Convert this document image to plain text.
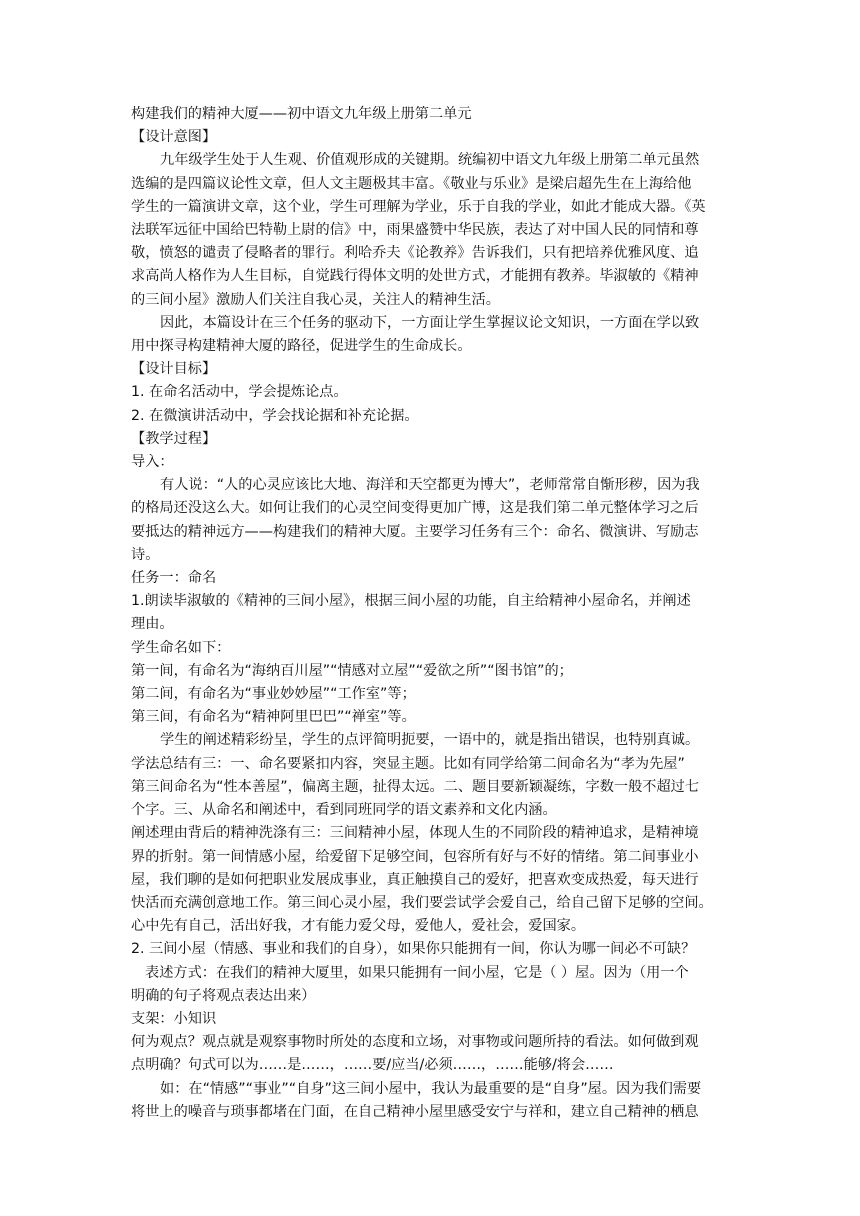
构建我们的精神大厦——初中语文九年级上册第二单元
【设计意图】
九年级学生处于人生观、价值观形成的关键期。统编初中语文九年级上册第二单元虽然
选编的是四篇议论性文章，但人文主题极其丰富。《敬业与乐业》是梁启超先生在上海给他
学生的一篇演讲文章，这个业，学生可理解为学业，乐于自我的学业，如此才能成大器。《英
法联军远征中国给巴特勒上尉的信》中，雨果盛赞中华民族，表达了对中国人民的同情和尊
敬，愤怒的谴责了侵略者的罪行。利哈乔夫《论教养》告诉我们，只有把培养优雅风度、追
求高尚人格作为人生目标，自觉践行得体文明的处世方式，才能拥有教养。毕淑敏的《精神
的三间小屋》激励人们关注自我心灵，关注人的精神生活。
因此，本篇设计在三个任务的驱动下，一方面让学生掌握议论文知识，一方面在学以致
用中探寻构建精神大厦的路径，促进学生的生命成长。
【设计目标】
1. 在命名活动中，学会提炼论点。
2. 在微演讲活动中，学会找论据和补充论据。
【教学过程】
导入：
有人说：“人的心灵应该比大地、海洋和天空都更为博大”，老师常常自惭形秽，因为我
的格局还没这么大。如何让我们的心灵空间变得更加广博，这是我们第二单元整体学习之后
要抵达的精神远方——构建我们的精神大厦。主要学习任务有三个：命名、微演讲、写励志
诗。
任务一：命名
1.朗读毕淑敏的《精神的三间小屋》，根据三间小屋的功能，自主给精神小屋命名，并阐述
理由。
学生命名如下：
第一间，有命名为“海纳百川屋”“情感对立屋”“爱欲之所”“图书馆”的；
第二间，有命名为“事业妙妙屋”“工作室”等；
第三间，有命名为“精神阿里巴巴”“禅室”等。
学生的阐述精彩纷呈，学生的点评简明扼要，一语中的，就是指出错误，也特别真诚。
学法总结有三：一、命名要紧扣内容，突显主题。比如有同学给第二间命名为“孝为先屋”
第三间命名为“性本善屋”，偏离主题，扯得太远。二、题目要新颖凝练，字数一般不超过七
个字。三、从命名和阐述中，看到同班同学的语文素养和文化内涵。
阐述理由背后的精神洗涤有三：三间精神小屋，体现人生的不同阶段的精神追求，是精神境
界的折射。第一间情感小屋，给爱留下足够空间，包容所有好与不好的情绪。第二间事业小
屋，我们聊的是如何把职业发展成事业，真正触摸自己的爱好，把喜欢变成热爱，每天进行
快活而充满创意地工作。第三间心灵小屋，我们要尝试学会爱自己，给自己留下足够的空间。
心中先有自己，活出好我，才有能力爱父母，爱他人，爱社会，爱国家。
2. 三间小屋（情感、事业和我们的自身），如果你只能拥有一间，你认为哪一间必不可缺？
表述方式：在我们的精神大厦里，如果只能拥有一间小屋，它是（ ）屋。因为（用一个
明确的句子将观点表达出来）
支架：小知识
何为观点？观点就是观察事物时所处的态度和立场，对事物或问题所持的看法。如何做到观
点明确？句式可以为……是……，……要/应当/必须……，……能够/将会……
如：在“情感”“事业”“自身”这三间小屋中，我认为最重要的是“自身”屋。因为我们需要
将世上的噪音与琐事都堵在门面，在自己精神小屋里感受安宁与祥和，建立自己精神的栖息
